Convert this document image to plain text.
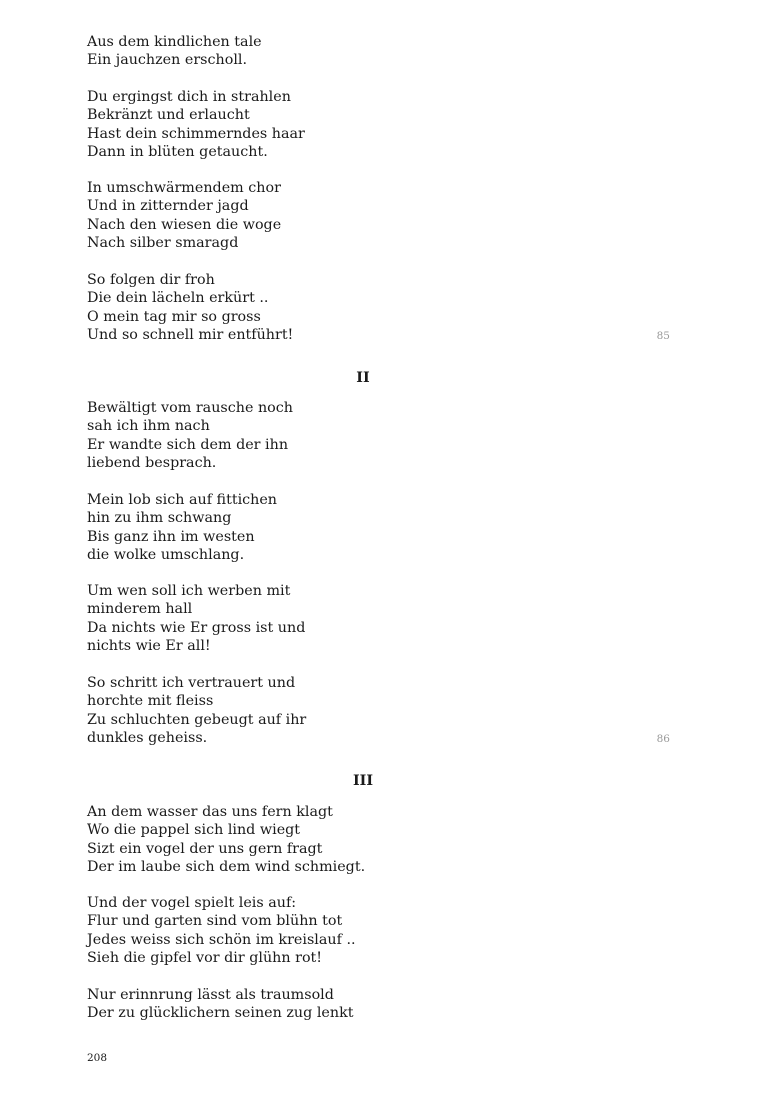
Aus dem kindlichen tale
Ein jauchzen erscholl.
Du ergingst dich in strahlen
Bekränzt und erlaucht
Hast dein schimmerndes haar
Dann in blüten getaucht.
In umschwärmendem chor
Und in zitternder jagd
Nach den wiesen die woge
Nach silber smaragd
So folgen dir froh
Die dein lächeln erkürt ..
O mein tag mir so gross
Und so schnell mir entführt!	85
II
Bewältigt vom rausche noch
sah ich ihm nach
Er wandte sich dem der ihn
liebend besprach.
Mein lob sich auf fittichen
hin zu ihm schwang
Bis ganz ihn im westen
die wolke umschlang.
Um wen soll ich werben mit
minderem hall
Da nichts wie Er gross ist und
nichts wie Er all!
So schritt ich vertrauert und
horchte mit fleiss
Zu schluchten gebeugt auf ihr
dunkles geheiss.	86
III
An dem wasser das uns fern klagt
Wo die pappel sich lind wiegt
Sizt ein vogel der uns gern fragt
Der im laube sich dem wind schmiegt.
Und der vogel spielt leis auf:
Flur und garten sind vom blühn tot
Jedes weiss sich schön im kreislauf ..
Sieh die gipfel vor dir glühn rot!
Nur erinnrung lässt als traumsold
Der zu glücklichern seinen zug lenkt
208
